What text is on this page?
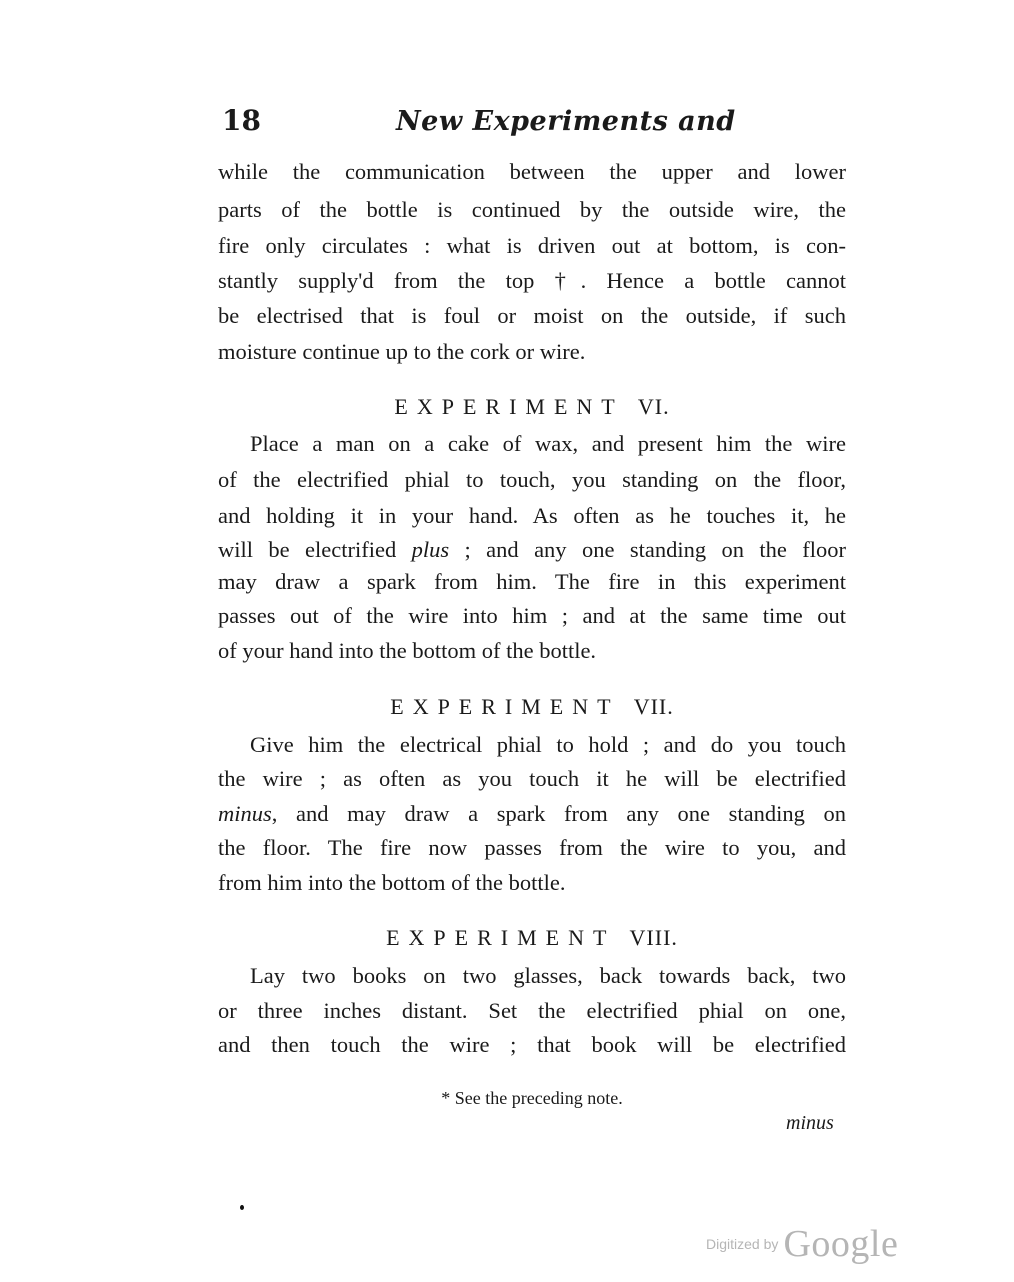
18	New Experiments and
while the communication between the upper and lower
parts of the bottle is continued by the outside wire, the
fire only circulates : what is driven out at bottom, is con-
stantly supply'd from the top †. Hence a bottle cannot
be electrised that is foul or moist on the outside, if such
moisture continue up to the cork or wire.
EXPERIMENT VI.
Place a man on a cake of wax, and present him the wire
of the electrified phial to touch, you standing on the floor,
and holding it in your hand. As often as he touches it, he
will be electrified plus ; and any one standing on the floor
may draw a spark from him. The fire in this experiment
passes out of the wire into him ; and at the same time out
of your hand into the bottom of the bottle.
EXPERIMENT VII.
Give him the electrical phial to hold ; and do you touch
the wire ; as often as you touch it he will be electrified
minus, and may draw a spark from any one standing on
the floor. The fire now passes from the wire to you, and
from him into the bottom of the bottle.
EXPERIMENT VIII.
Lay two books on two glasses, back towards back, two
or three inches distant. Set the electrified phial on one,
and then touch the wire ; that book will be electrified
* See the preceding note.
minus
Digitized by Google
